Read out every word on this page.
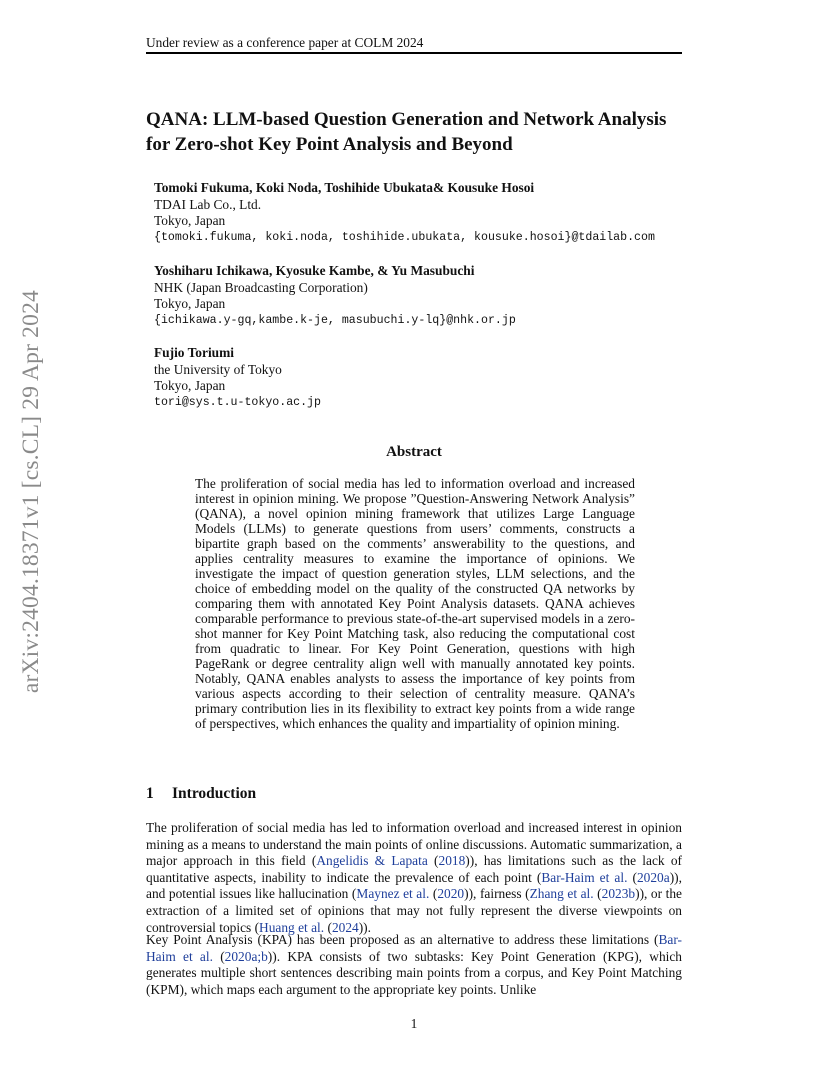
Under review as a conference paper at COLM 2024
QANA: LLM-based Question Generation and Network Analysis for Zero-shot Key Point Analysis and Beyond
Tomoki Fukuma, Koki Noda, Toshihide Ubukata& Kousuke Hosoi
TDAI Lab Co., Ltd.
Tokyo, Japan
{tomoki.fukuma, koki.noda, toshihide.ubukata, kousuke.hosoi}@tdailab.com
Yoshiharu Ichikawa, Kyosuke Kambe, & Yu Masubuchi
NHK (Japan Broadcasting Corporation)
Tokyo, Japan
{ichikawa.y-gq,kambe.k-je, masubuchi.y-lq}@nhk.or.jp
Fujio Toriumi
the University of Tokyo
Tokyo, Japan
tori@sys.t.u-tokyo.ac.jp
arXiv:2404.18371v1 [cs.CL] 29 Apr 2024	Abstract
The proliferation of social media has led to information overload and increased interest in opinion mining. We propose ”Question-Answering Network Analysis” (QANA), a novel opinion mining framework that utilizes Large Language Models (LLMs) to generate questions from users’ comments, constructs a bipartite graph based on the comments’ answerability to the questions, and applies centrality measures to examine the importance of opinions. We investigate the impact of question generation styles, LLM selections, and the choice of embedding model on the quality of the constructed QA networks by comparing them with annotated Key Point Analysis datasets. QANA achieves comparable performance to previous state-of-the-art supervised models in a zero-shot manner for Key Point Matching task, also reducing the computational cost from quadratic to linear. For Key Point Generation, questions with high PageRank or degree centrality align well with manually annotated key points. Notably, QANA enables analysts to assess the importance of key points from various aspects according to their selection of centrality measure. QANA’s primary contribution lies in its flexibility to extract key points from a wide range of perspectives, which enhances the quality and impartiality of opinion mining.
1 Introduction
The proliferation of social media has led to information overload and increased interest in opinion mining as a means to understand the main points of online discussions. Automatic summarization, a major approach in this field (Angelidis & Lapata (2018)), has limitations such as the lack of quantitative aspects, inability to indicate the prevalence of each point (Bar-Haim et al. (2020a)), and potential issues like hallucination (Maynez et al. (2020)), fairness (Zhang et al. (2023b)), or the extraction of a limited set of opinions that may not fully represent the diverse viewpoints on controversial topics (Huang et al. (2024)).
Key Point Analysis (KPA) has been proposed as an alternative to address these limitations (Bar-Haim et al. (2020a;b)). KPA consists of two subtasks: Key Point Generation (KPG), which generates multiple short sentences describing main points from a corpus, and Key Point Matching (KPM), which maps each argument to the appropriate key points. Unlike
1
